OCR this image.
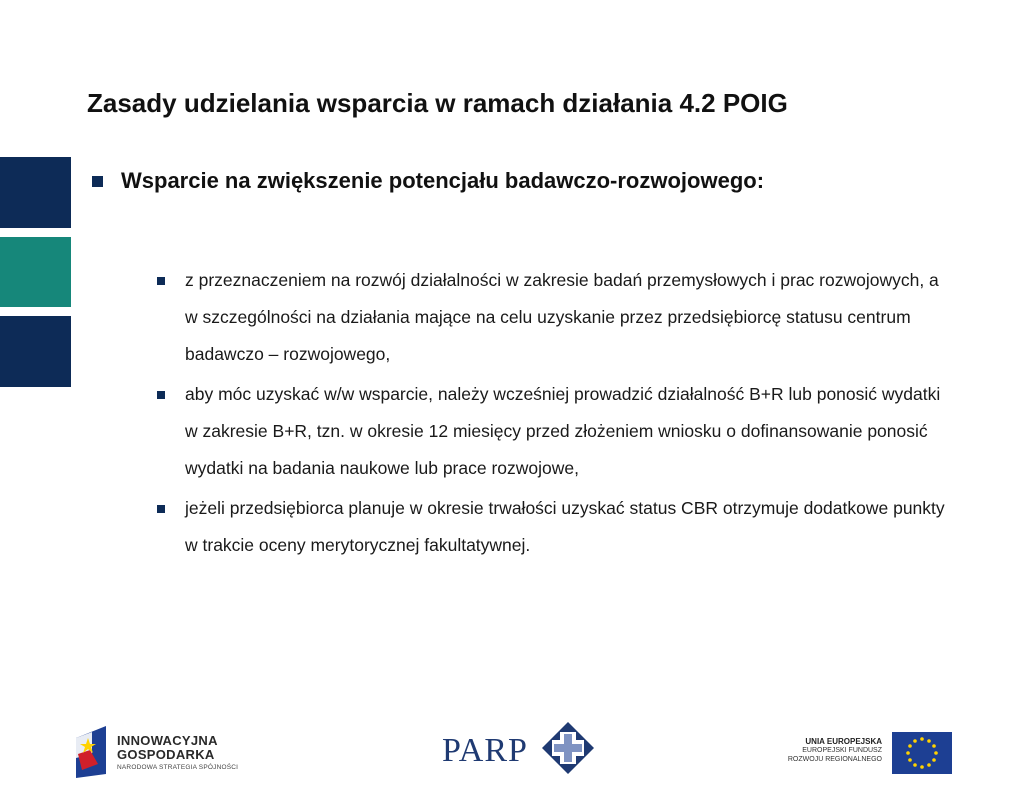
Zasady udzielania wsparcia w ramach działania 4.2 POIG
Wsparcie na zwiększenie potencjału badawczo-rozwojowego:
z przeznaczeniem na rozwój działalności w zakresie badań przemysłowych i prac rozwojowych, a w szczególności na działania mające na celu uzyskanie przez przedsiębiorcę statusu centrum badawczo – rozwojowego,
aby móc uzyskać w/w wsparcie, należy wcześniej prowadzić działalność B+R lub ponosić wydatki w zakresie B+R, tzn. w okresie 12 miesięcy przed złożeniem wniosku o dofinansowanie ponosić wydatki na badania naukowe lub prace rozwojowe,
jeżeli przedsiębiorca planuje w okresie trwałości uzyskać status CBR otrzymuje dodatkowe punkty w trakcie oceny merytorycznej fakultatywnej.
INNOWACYJNA
GOSPODARKA
NARODOWA STRATEGIA SPÓJNOŚCI	PARP	UNIA EUROPEJSKA
EUROPEJSKI FUNDUSZ
ROZWOJU REGIONALNEGO
